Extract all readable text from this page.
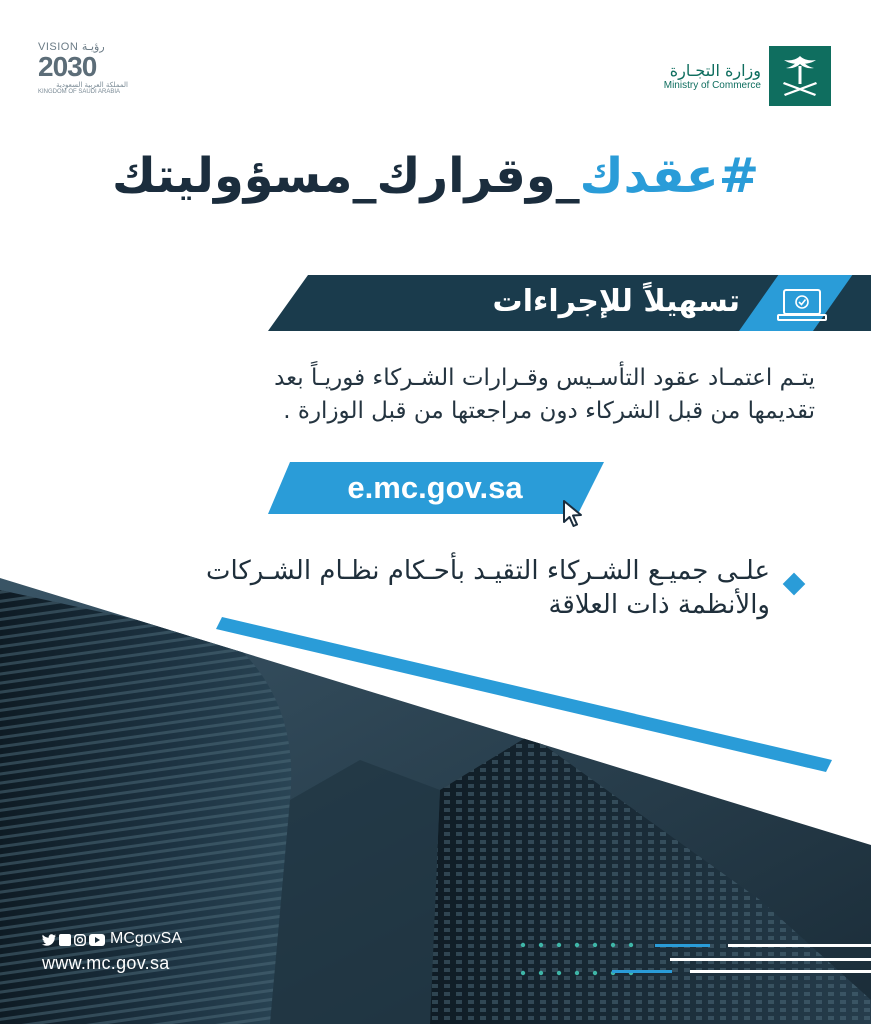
VISION رؤيـة
2030
المملكة العربية السعودية
KINGDOM OF SAUDI ARABIA
وزارة التجـارة
Ministry of Commerce
#عقدك_وقرارك_مسؤوليتك
تسهيلاً للإجراءات
يتـم اعتمـاد عقود التأسـيس وقـرارات الشـركاء فوريـاً بعد
تقديمها من قبل الشركاء دون مراجعتها من قبل الوزارة .
e.mc.gov.sa
علـى جميـع الشـركاء التقيـد بأحـكام نظـام الشـركات
والأنظمة ذات العلاقة
MCgovSA
www.mc.gov.sa
